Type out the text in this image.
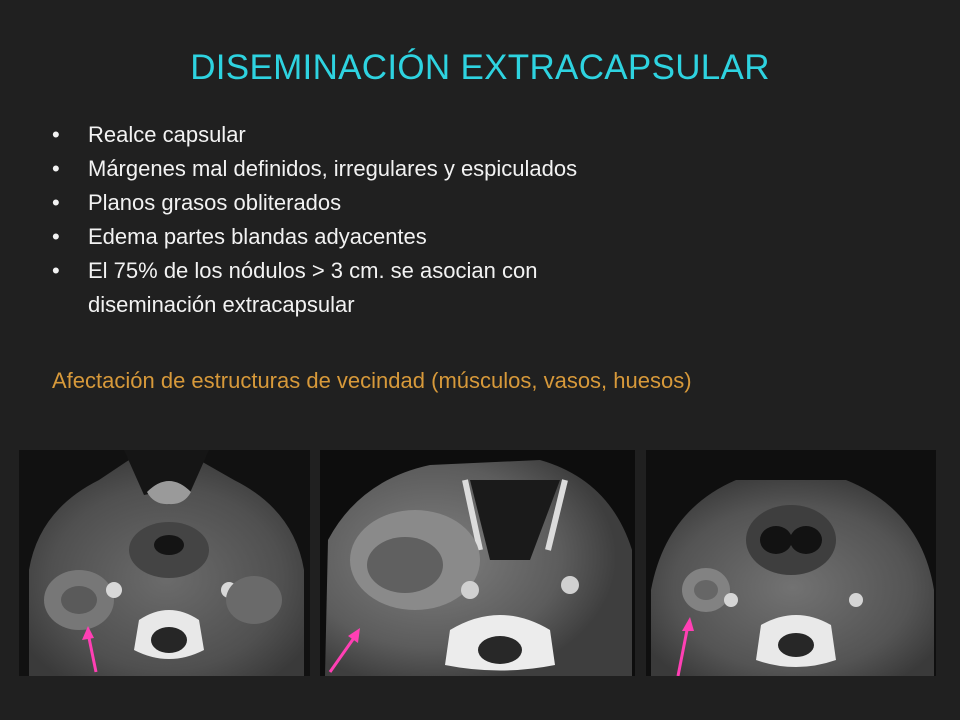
DISEMINACIÓN EXTRACAPSULAR
• Realce capsular
• Márgenes mal definidos, irregulares y espiculados
• Planos grasos obliterados
• Edema partes blandas adyacentes
• El 75% de los nódulos > 3 cm. se asocian con
diseminación extracapsular
Afectación de estructuras de vecindad (músculos, vasos, huesos)
